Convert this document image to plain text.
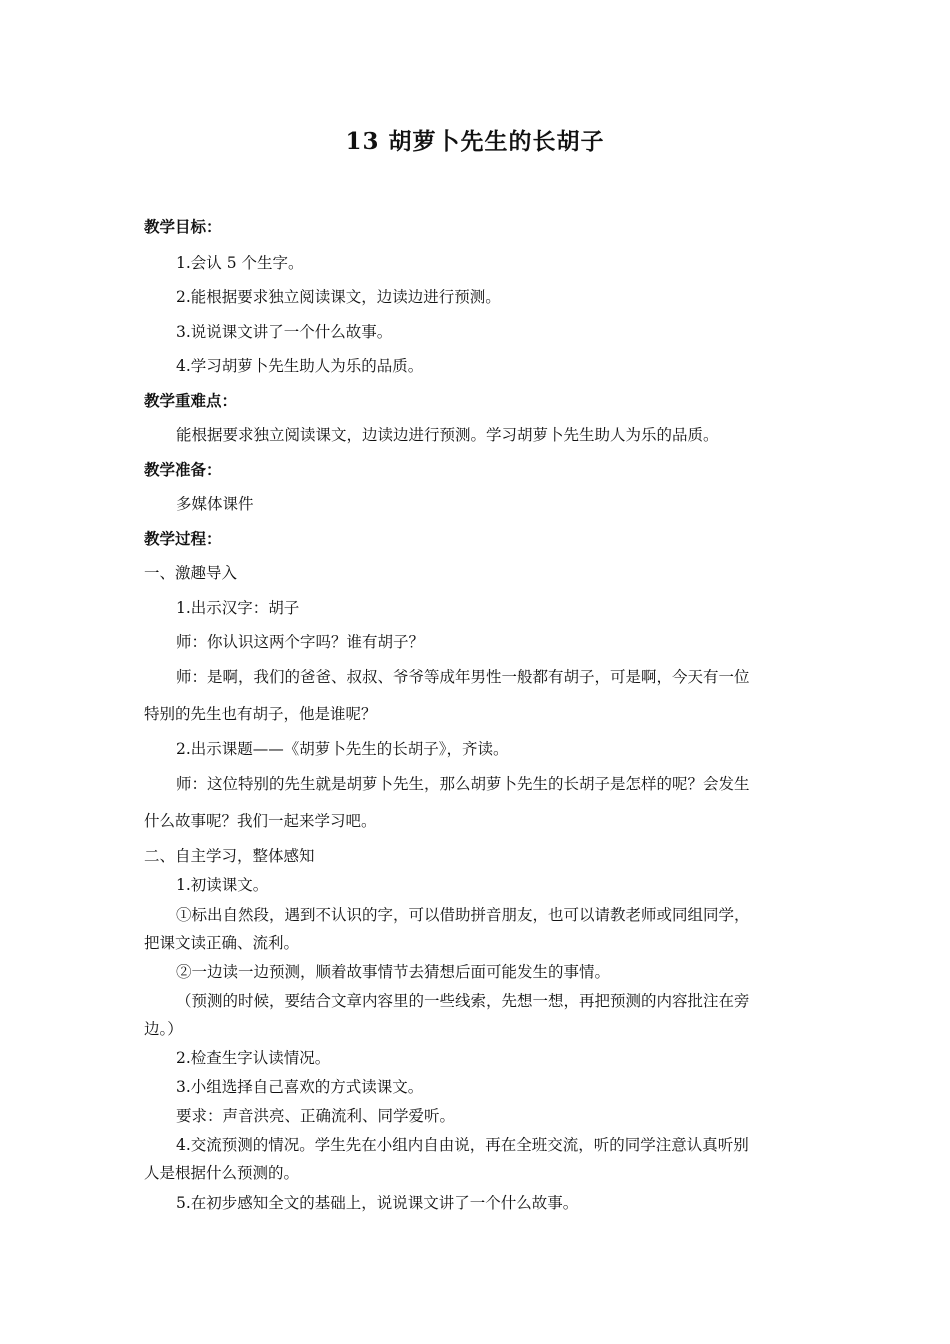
13 胡萝卜先生的长胡子
教学目标：
1.会认 5 个生字。
2.能根据要求独立阅读课文，边读边进行预测。
3.说说课文讲了一个什么故事。
4.学习胡萝卜先生助人为乐的品质。
教学重难点：
能根据要求独立阅读课文，边读边进行预测。学习胡萝卜先生助人为乐的品质。
教学准备：
多媒体课件
教学过程：
一、激趣导入
1.出示汉字：胡子
师：你认识这两个字吗？谁有胡子？
师：是啊，我们的爸爸、叔叔、爷爷等成年男性一般都有胡子，可是啊，今天有一位
特别的先生也有胡子，他是谁呢？
2.出示课题——《胡萝卜先生的长胡子》，齐读。
师：这位特别的先生就是胡萝卜先生，那么胡萝卜先生的长胡子是怎样的呢？会发生
什么故事呢？我们一起来学习吧。
二、自主学习，整体感知
1.初读课文。
①标出自然段，遇到不认识的字，可以借助拼音朋友，也可以请教老师或同组同学，
把课文读正确、流利。
②一边读一边预测，顺着故事情节去猜想后面可能发生的事情。
（预测的时候，要结合文章内容里的一些线索，先想一想，再把预测的内容批注在旁
边。）
2.检查生字认读情况。
3.小组选择自己喜欢的方式读课文。
要求：声音洪亮、正确流利、同学爱听。
4.交流预测的情况。学生先在小组内自由说，再在全班交流，听的同学注意认真听别
人是根据什么预测的。
5.在初步感知全文的基础上，说说课文讲了一个什么故事。
